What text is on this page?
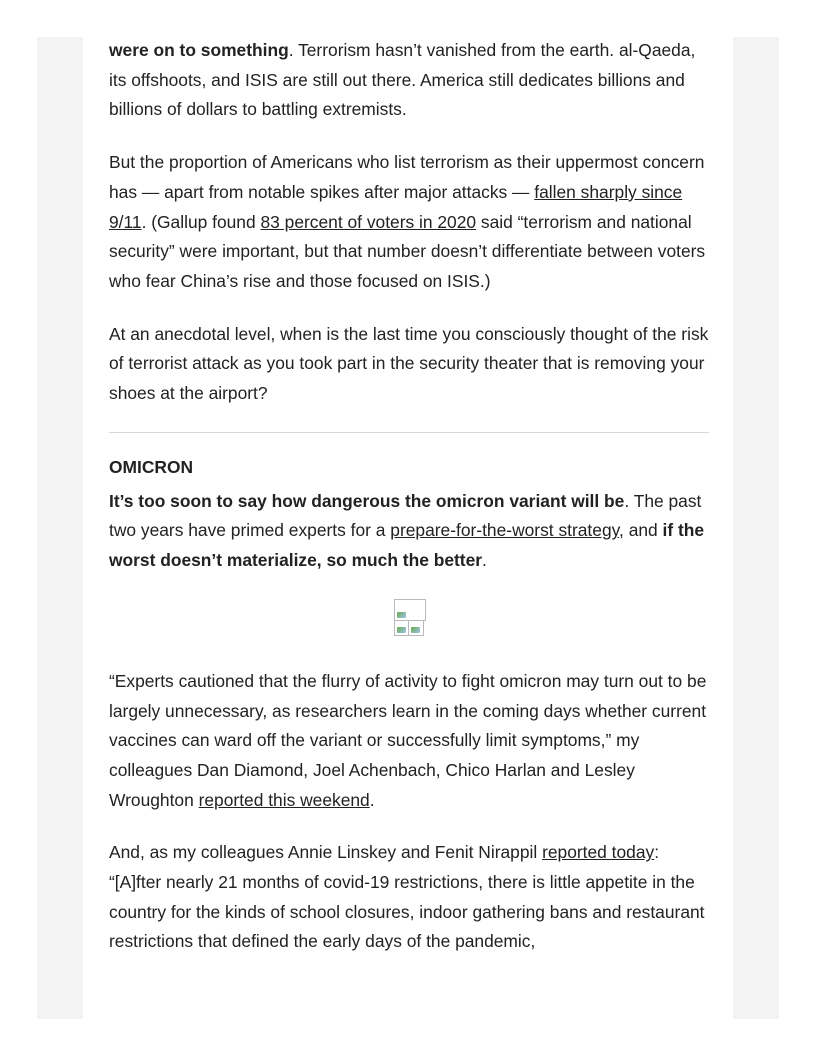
were on to something. Terrorism hasn’t vanished from the earth. al-Qaeda, its offshoots, and ISIS are still out there. America still dedicates billions and billions of dollars to battling extremists.

But the proportion of Americans who list terrorism as their uppermost concern has — apart from notable spikes after major attacks — fallen sharply since 9/11. (Gallup found 83 percent of voters in 2020 said “terrorism and national security” were important, but that number doesn’t differentiate between voters who fear China’s rise and those focused on ISIS.)

At an anecdotal level, when is the last time you consciously thought of the risk of terrorist attack as you took part in the security theater that is removing your shoes at the airport?

OMICRON

It’s too soon to say how dangerous the omicron variant will be. The past two years have primed experts for a prepare-for-the-worst strategy, and if the worst doesn’t materialize, so much the better.

“Experts cautioned that the flurry of activity to fight omicron may turn out to be largely unnecessary, as researchers learn in the coming days whether current vaccines can ward off the variant or successfully limit symptoms,” my colleagues Dan Diamond, Joel Achenbach, Chico Harlan and Lesley Wroughton reported this weekend.

And, as my colleagues Annie Linskey and Fenit Nirappil reported today: “[A]fter nearly 21 months of covid-19 restrictions, there is little appetite in the country for the kinds of school closures, indoor gathering bans and restaurant restrictions that defined the early days of the pandemic,
